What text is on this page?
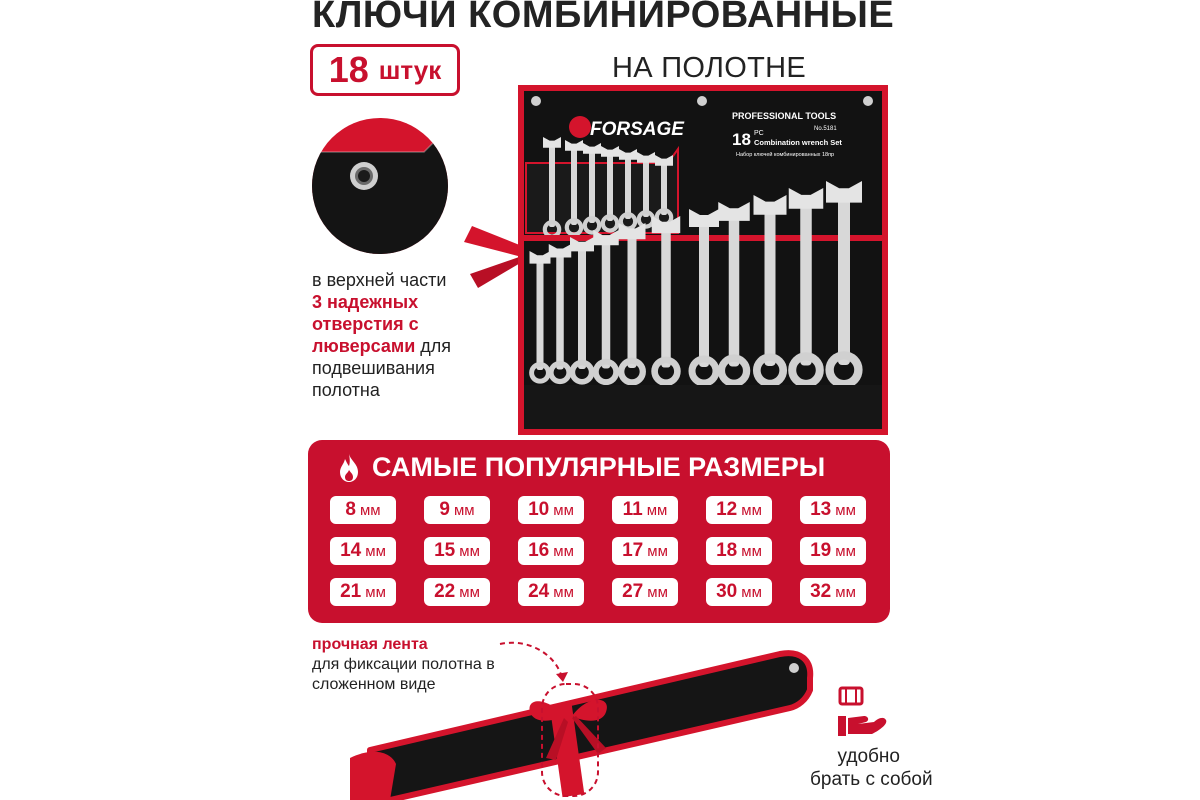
КЛЮЧИ КОМБИНИРОВАННЫЕ
18 штук	НА ПОЛОТНЕ
в верхней части
3 надежных отверстия с люверсами для подвешивания полотна
FORSAGE
PROFESSIONAL TOOLS
No.5181
18 PC
Combination wrench Set
Набор ключей комбинированных 18пр
САМЫЕ ПОПУЛЯРНЫЕ РАЗМЕРЫ
8 мм	9 мм	10 мм	11 мм	12 мм	13 мм
14 мм	15 мм	16 мм	17 мм	18 мм	19 мм
21 мм	22 мм	24 мм	27 мм	30 мм	32 мм
прочная лента
для фиксации полотна в сложенном виде
удобно
брать с собой
